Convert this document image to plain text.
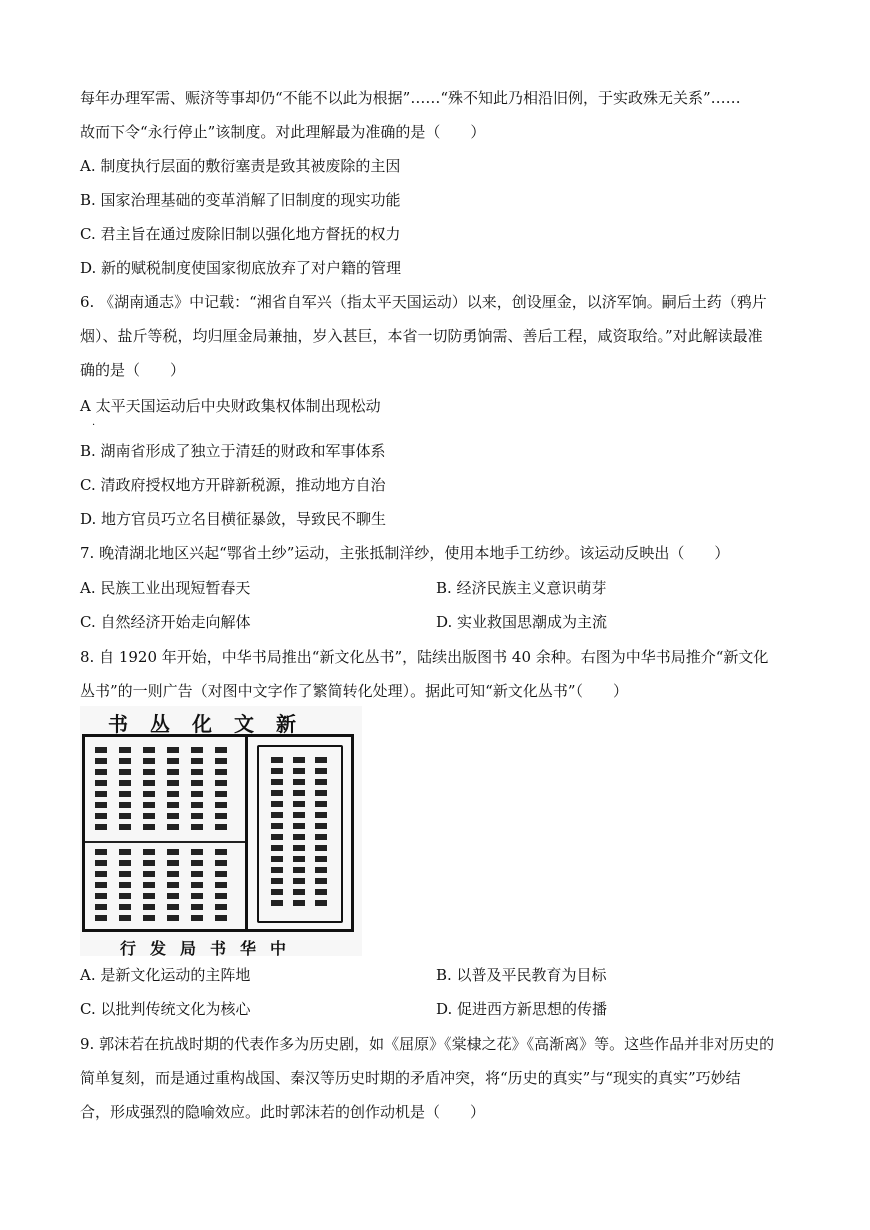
每年办理军需、赈济等事却仍“不能不以此为根据”……“殊不知此乃相沿旧例，于实政殊无关系”……
故而下令“永行停止”该制度。对此理解最为准确的是（　　）
A. 制度执行层面的敷衍塞责是致其被废除的主因
B. 国家治理基础的变革消解了旧制度的现实功能
C. 君主旨在通过废除旧制以强化地方督抚的权力
D. 新的赋税制度使国家彻底放弃了对户籍的管理
6. 《湖南通志》中记载：“湘省自军兴（指太平天国运动）以来，创设厘金，以济军饷。嗣后土药（鸦片
烟）、盐斤等税，均归厘金局兼抽，岁入甚巨，本省一切防勇饷需、善后工程，咸资取给。”对此解读最准
确的是（　　）
A 太平天国运动后中央财政集权体制出现松动
·
B. 湖南省形成了独立于清廷的财政和军事体系
C. 清政府授权地方开辟新税源，推动地方自治
D. 地方官员巧立名目横征暴敛，导致民不聊生
7. 晚清湖北地区兴起“鄂省土纱”运动，主张抵制洋纱，使用本地手工纺纱。该运动反映出（　　）
A. 民族工业出现短暂春天	B. 经济民族主义意识萌芽
C. 自然经济开始走向解体	D. 实业救国思潮成为主流
8. 自 1920 年开始，中华书局推出“新文化丛书”，陆续出版图书 40 余种。右图为中华书局推介“新文化
丛书”的一则广告（对图中文字作了繁简转化处理）。据此可知“新文化丛书”（　　）
书丛化文新
行发局书华中
A. 是新文化运动的主阵地	B. 以普及平民教育为目标
C. 以批判传统文化为核心	D. 促进西方新思想的传播
9. 郭沫若在抗战时期的代表作多为历史剧，如《屈原》《棠棣之花》《高渐离》等。这些作品并非对历史的
简单复刻，而是通过重构战国、秦汉等历史时期的矛盾冲突，将“历史的真实”与“现实的真实”巧妙结
合，形成强烈的隐喻效应。此时郭沫若的创作动机是（　　）
